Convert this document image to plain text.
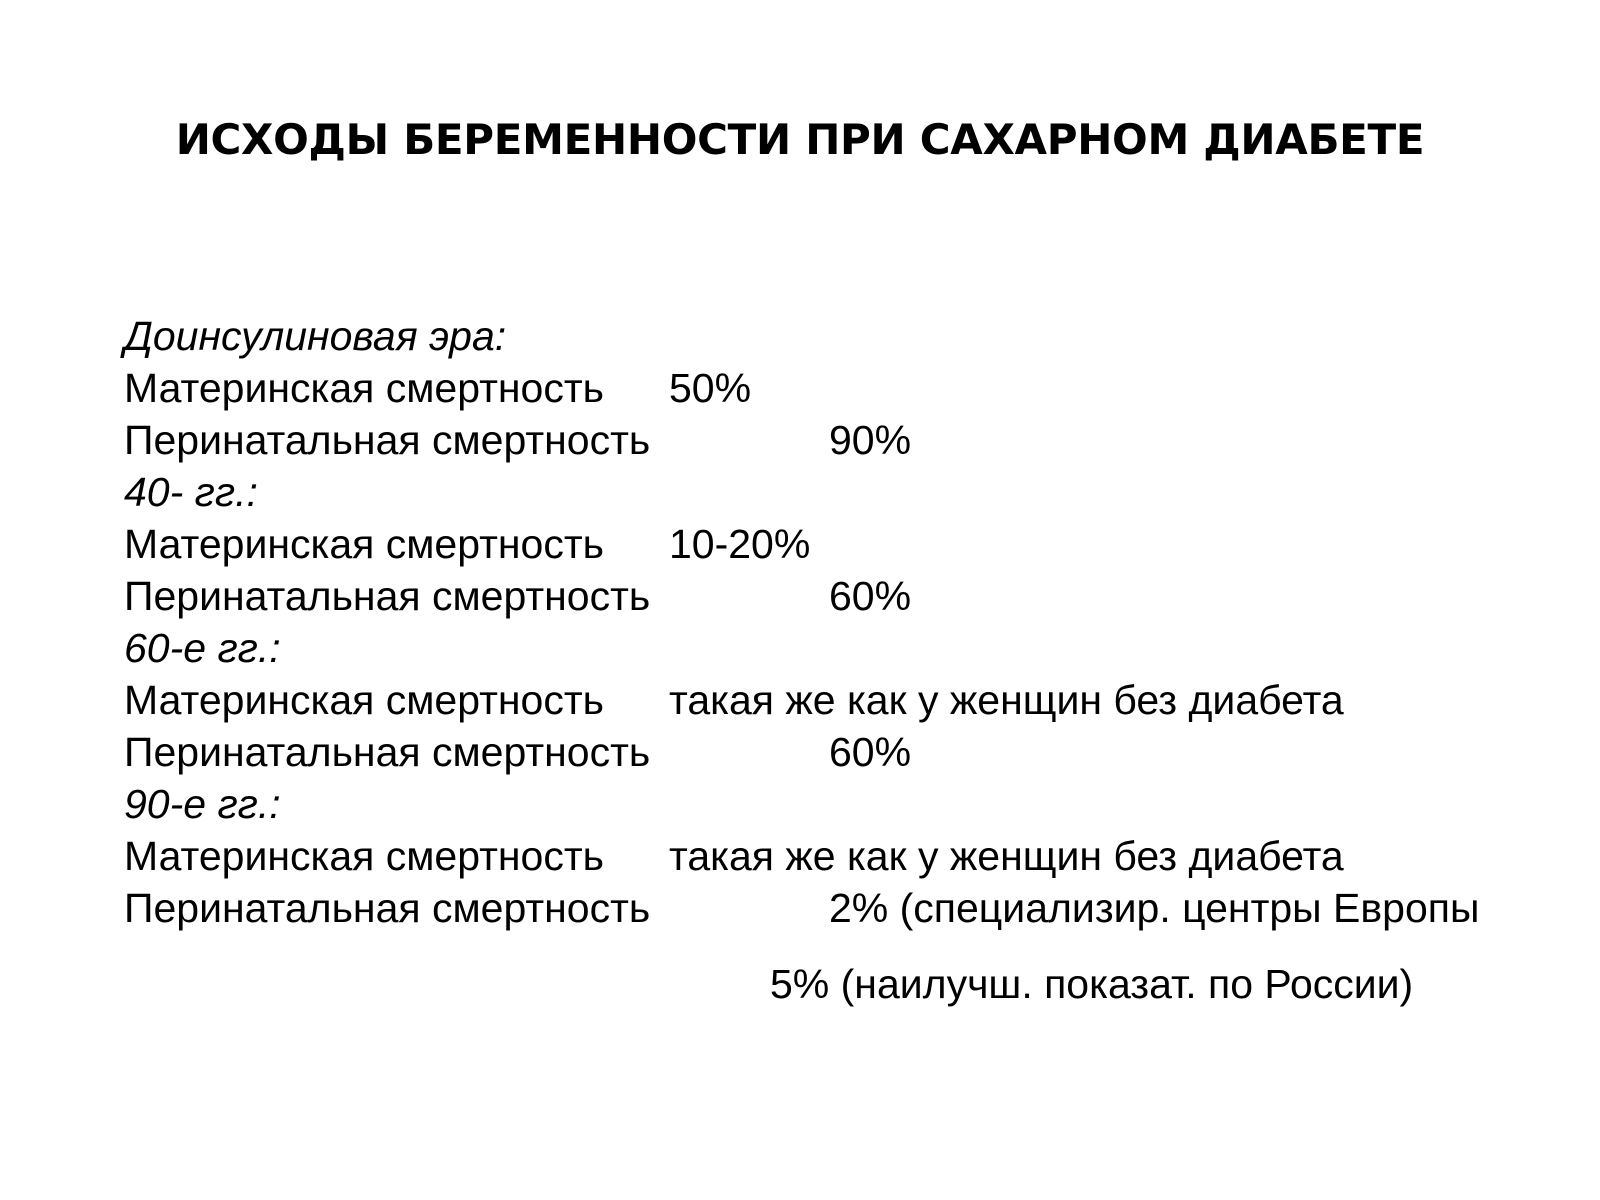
ИСХОДЫ БЕРЕМЕННОСТИ ПРИ САХАРНОМ ДИАБЕТЕ
Доинсулиновая эра:
Материнская смертность 50%
Перинатальная смертность	90%
40- гг.:
Материнская смертность 10-20%
Перинатальная смертность	60%
60-е гг.:
Материнская смертность такая же как у женщин без диабета
Перинатальная смертность	60%
90-е гг.:
Материнская смертность такая же как у женщин без диабета
Перинатальная смертность	2% (специализир. центры Европы
5% (наилучш. показат. по России)
